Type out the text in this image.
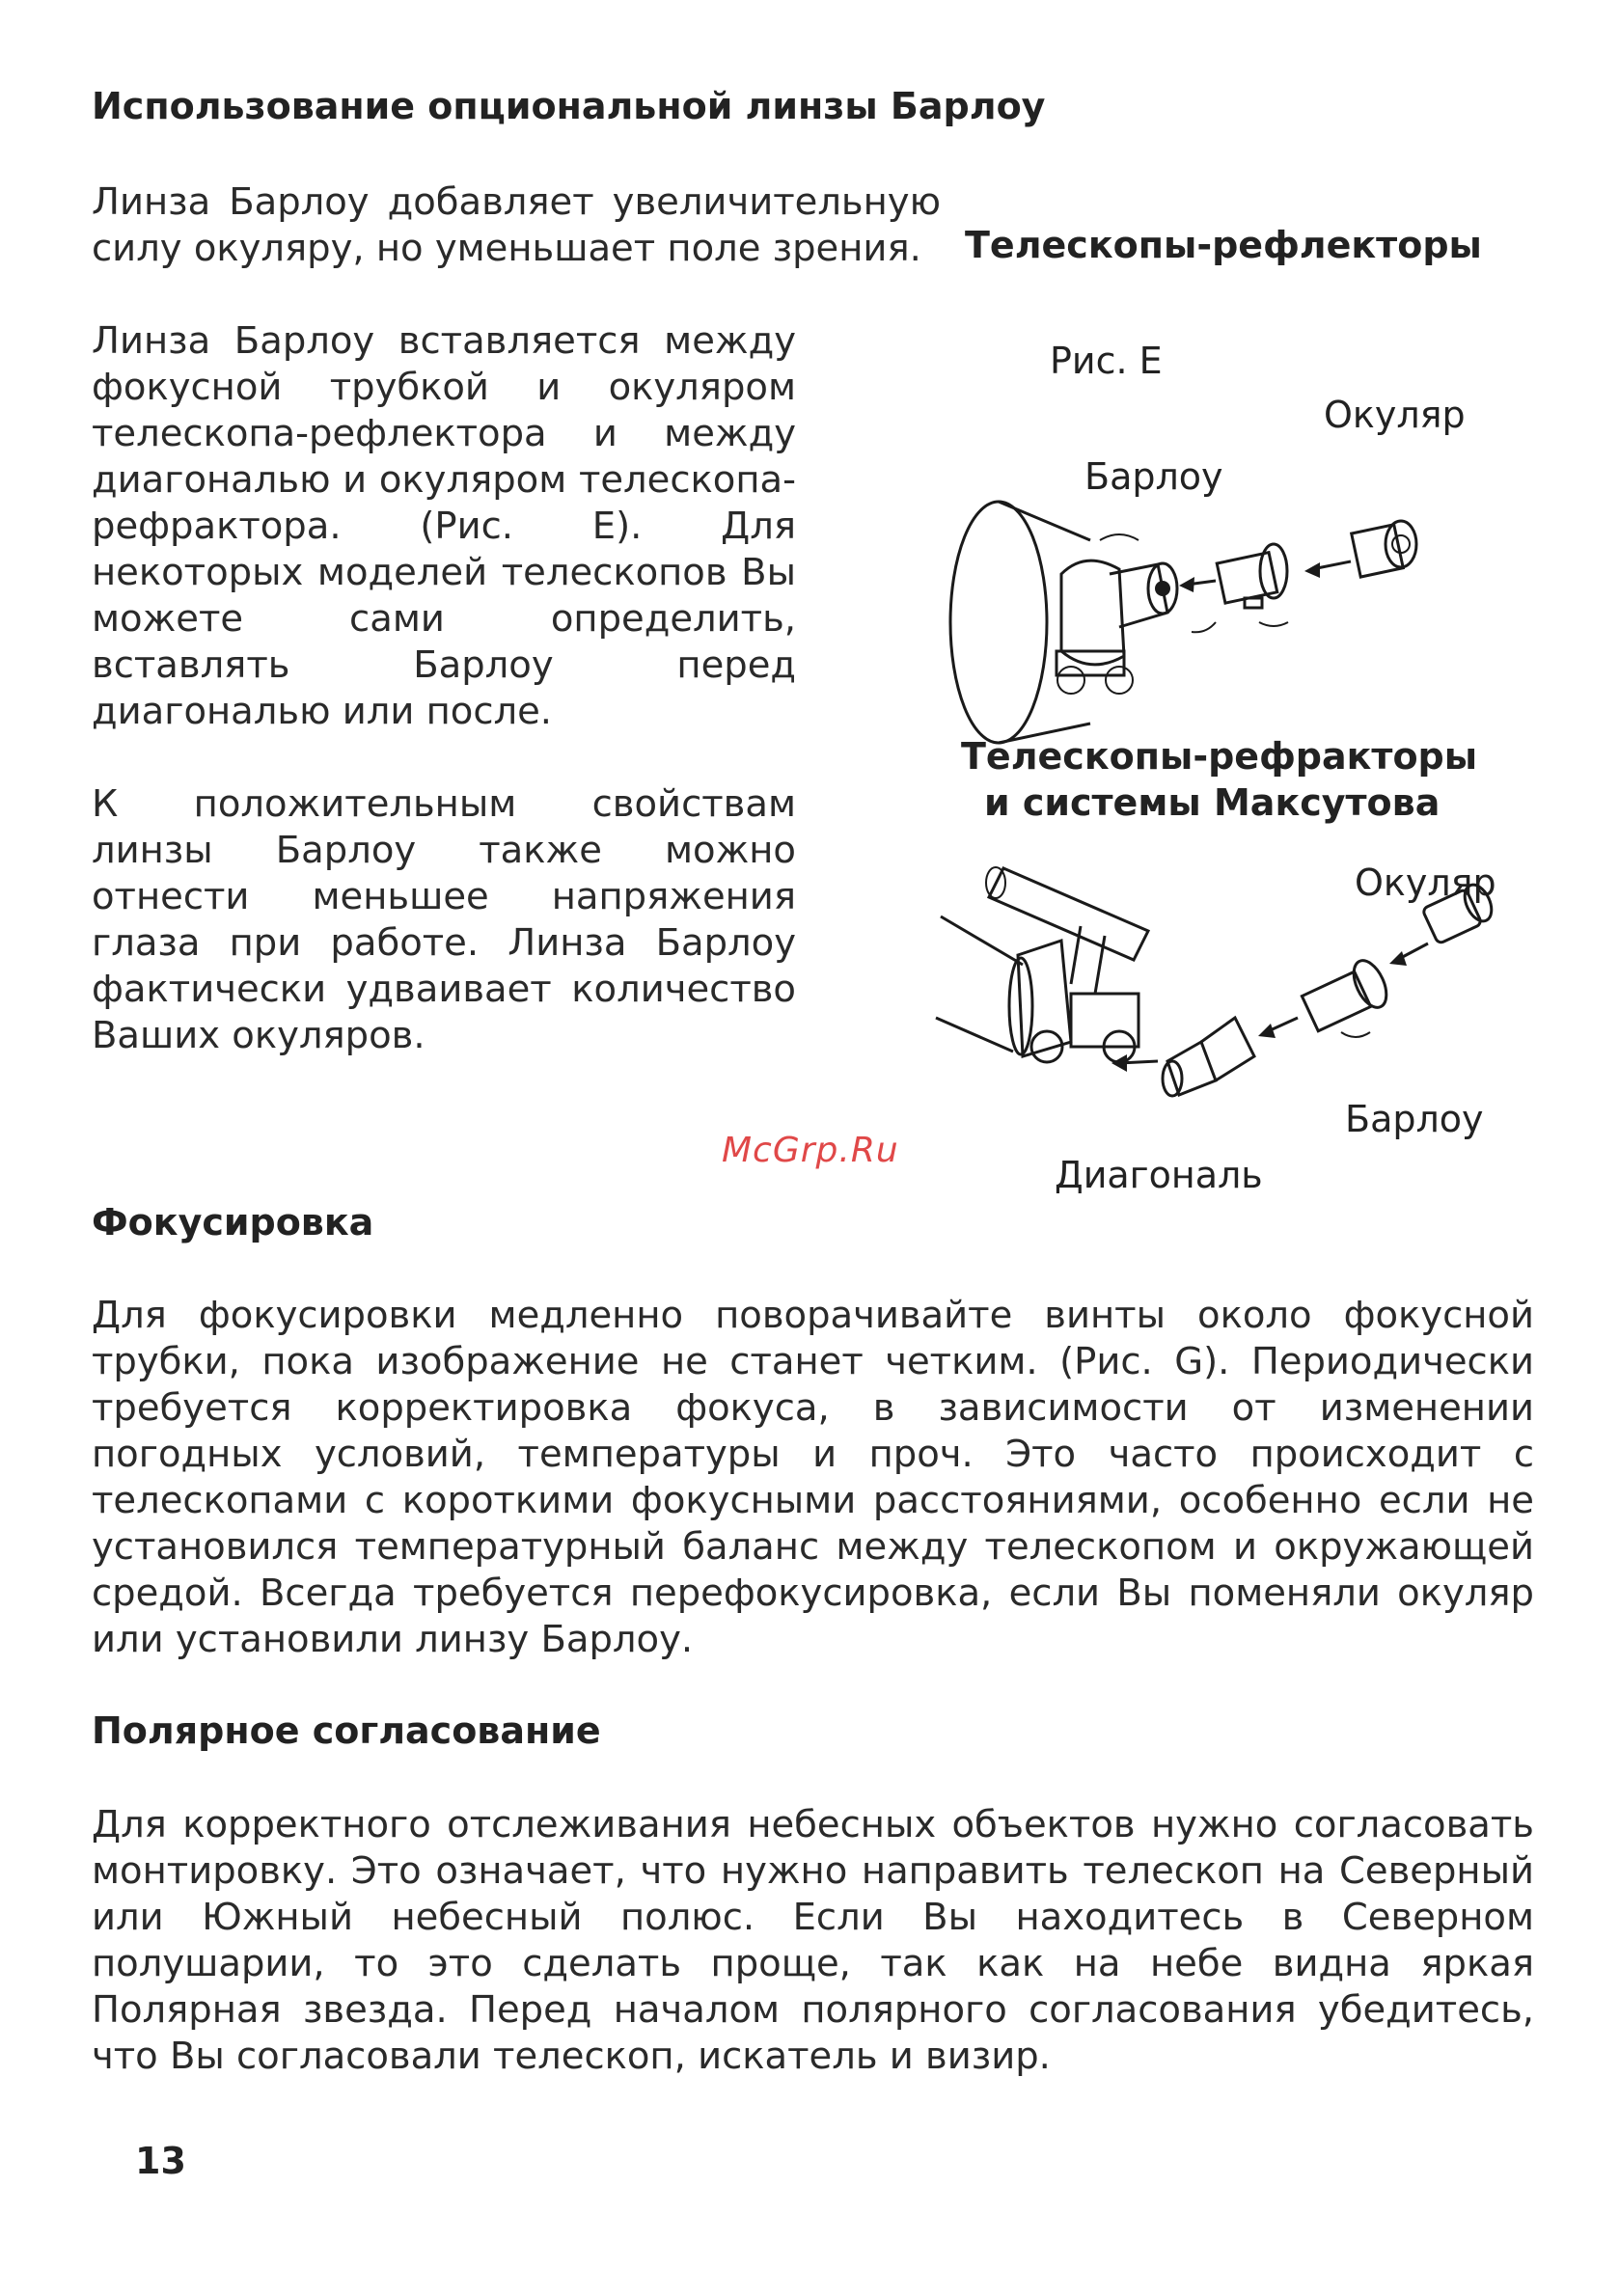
Использование опциональной линзы Барлоу

Линза Барлоу добавляет увеличительную силу окуляру, но уменьшает поле зрения.

Линза Барлоу вставляется между фокусной трубкой и окуляром телескопа-рефлектора и между диагональю и окуляром телескопа-рефрактора. (Рис. E). Для некоторых моделей телескопов Вы можете сами определить, вставлять Барлоу перед диагональю или после.

К положительным свойствам линзы Барлоу также можно отнести меньшее напряжения глаза при работе. Линза Барлоу фактически удваивает количество Ваших окуляров.

Телескопы-рефлекторы
Рис. E
Окуляр
Барлоу
Телескопы-рефракторы
и системы Максутова
Окуляр
Барлоу
Диагональ
McGrp.Ru
Фокусировка

Для фокусировки медленно поворачивайте винты около фокусной трубки, пока изображение не станет четким. (Рис. G). Периодически требуется корректировка фокуса, в зависимости от изменении погодных условий, температуры и проч. Это часто происходит с телескопами с короткими фокусными расстояниями, особенно если не установился температурный баланс между телескопом и окружающей средой. Всегда требуется перефокусировка, если Вы поменяли окуляр или установили линзу Барлоу.

Полярное согласование

Для корректного отслеживания небесных объектов нужно согласовать монтировку. Это означает, что нужно направить телескоп на Северный или Южный небесный полюс. Если Вы находитесь в Северном полушарии, то это сделать проще, так как на небе видна яркая Полярная звезда. Перед началом полярного согласования убедитесь, что Вы согласовали телескоп, искатель и визир.

13
